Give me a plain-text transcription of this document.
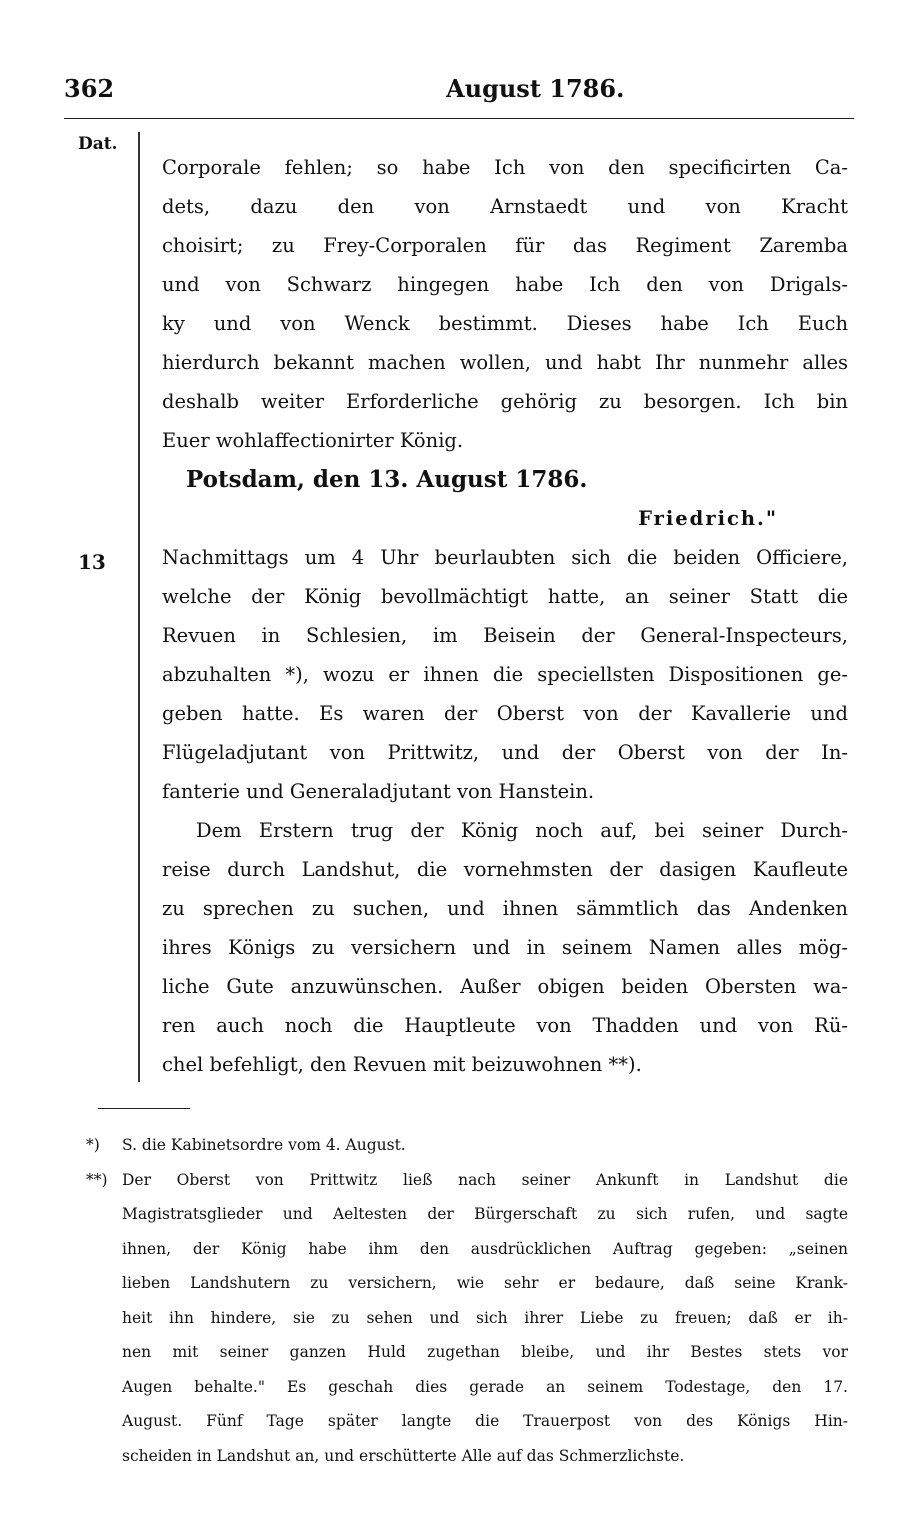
362	August 1786.
Dat.
13
Corporale fehlen; so habe Ich von den specificirten Ca-
dets, dazu den von Arnstaedt und von Kracht
choisirt; zu Frey-Corporalen für das Regiment Zaremba
und von Schwarz hingegen habe Ich den von Drigals-
ky und von Wenck bestimmt. Dieses habe Ich Euch
hierdurch bekannt machen wollen, und habt Ihr nunmehr alles
deshalb weiter Erforderliche gehörig zu besorgen. Ich bin
Euer wohlaffectionirter König.
Potsdam, den 13. August 1786.
Friedrich."
Nachmittags um 4 Uhr beurlaubten sich die beiden Officiere,
welche der König bevollmächtigt hatte, an seiner Statt die
Revuen in Schlesien, im Beisein der General-Inspecteurs,
abzuhalten *), wozu er ihnen die speciellsten Dispositionen ge-
geben hatte. Es waren der Oberst von der Kavallerie und
Flügeladjutant von Prittwitz, und der Oberst von der In-
fanterie und Generaladjutant von Hanstein.
Dem Erstern trug der König noch auf, bei seiner Durch-
reise durch Landshut, die vornehmsten der dasigen Kaufleute
zu sprechen zu suchen, und ihnen sämmtlich das Andenken
ihres Königs zu versichern und in seinem Namen alles mög-
liche Gute anzuwünschen. Außer obigen beiden Obersten wa-
ren auch noch die Hauptleute von Thadden und von Rü-
chel befehligt, den Revuen mit beizuwohnen **).
*) S. die Kabinetsordre vom 4. August.
**) Der Oberst von Prittwitz ließ nach seiner Ankunft in Landshut die
Magistratsglieder und Aeltesten der Bürgerschaft zu sich rufen, und sagte
ihnen, der König habe ihm den ausdrücklichen Auftrag gegeben: „seinen
lieben Landshutern zu versichern, wie sehr er bedaure, daß seine Krank-
heit ihn hindere, sie zu sehen und sich ihrer Liebe zu freuen; daß er ih-
nen mit seiner ganzen Huld zugethan bleibe, und ihr Bestes stets vor
Augen behalte." Es geschah dies gerade an seinem Todestage, den 17.
August. Fünf Tage später langte die Trauerpost von des Königs Hin-
scheiden in Landshut an, und erschütterte Alle auf das Schmerzlichste.
